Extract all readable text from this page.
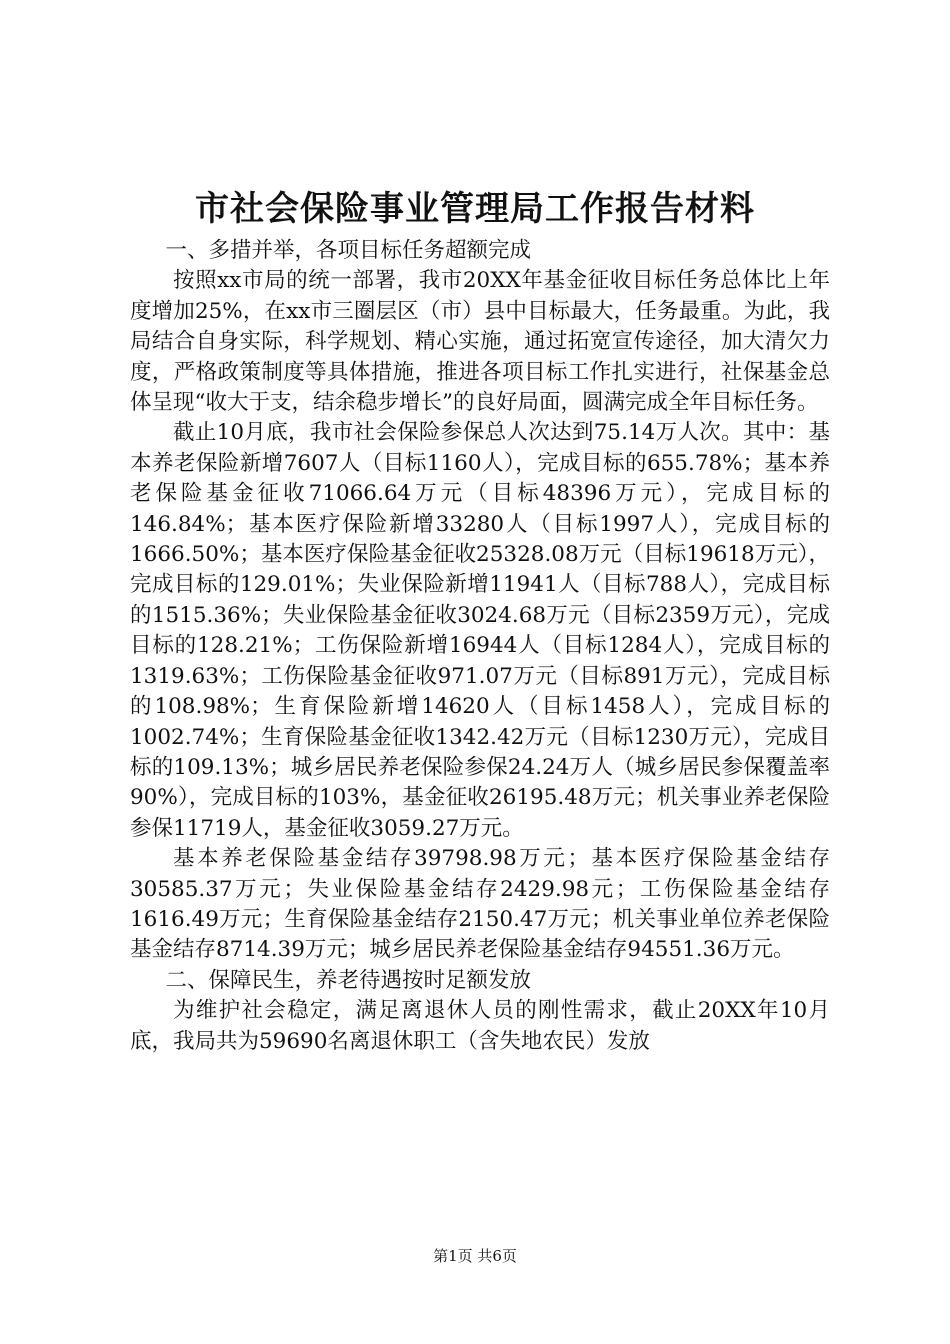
市社会保险事业管理局工作报告材料

一、多措并举，各项目标任务超额完成

按照xx市局的统一部署，我市20XX年基金征收目标任务总体比上年度增加25%，在xx市三圈层区（市）县中目标最大，任务最重。为此，我局结合自身实际，科学规划、精心实施，通过拓宽宣传途径，加大清欠力度，严格政策制度等具体措施，推进各项目标工作扎实进行，社保基金总体呈现“收大于支，结余稳步增长”的良好局面，圆满完成全年目标任务。

截止10月底，我市社会保险参保总人次达到75.14万人次。其中：基本养老保险新增7607人（目标1160人），完成目标的655.78%；基本养老保险基金征收71066.64万元（目标48396万元），完成目标的146.84%；基本医疗保险新增33280人（目标1997人），完成目标的1666.50%；基本医疗保险基金征收25328.08万元（目标19618万元），完成目标的129.01%；失业保险新增11941人（目标788人），完成目标的1515.36%；失业保险基金征收3024.68万元（目标2359万元），完成目标的128.21%；工伤保险新增16944人（目标1284人），完成目标的1319.63%；工伤保险基金征收971.07万元（目标891万元），完成目标的108.98%；生育保险新增14620人（目标1458人），完成目标的1002.74%；生育保险基金征收1342.42万元（目标1230万元），完成目标的109.13%；城乡居民养老保险参保24.24万人（城乡居民参保覆盖率90%），完成目标的103%，基金征收26195.48万元；机关事业养老保险参保11719人，基金征收3059.27万元。

基本养老保险基金结存39798.98万元；基本医疗保险基金结存30585.37万元；失业保险基金结存2429.98元；工伤保险基金结存1616.49万元；生育保险基金结存2150.47万元；机关事业单位养老保险基金结存8714.39万元；城乡居民养老保险基金结存94551.36万元。

二、保障民生，养老待遇按时足额发放

为维护社会稳定，满足离退休人员的刚性需求，截止20XX年10月底，我局共为59690名离退休职工（含失地农民）发放

第1页 共6页
